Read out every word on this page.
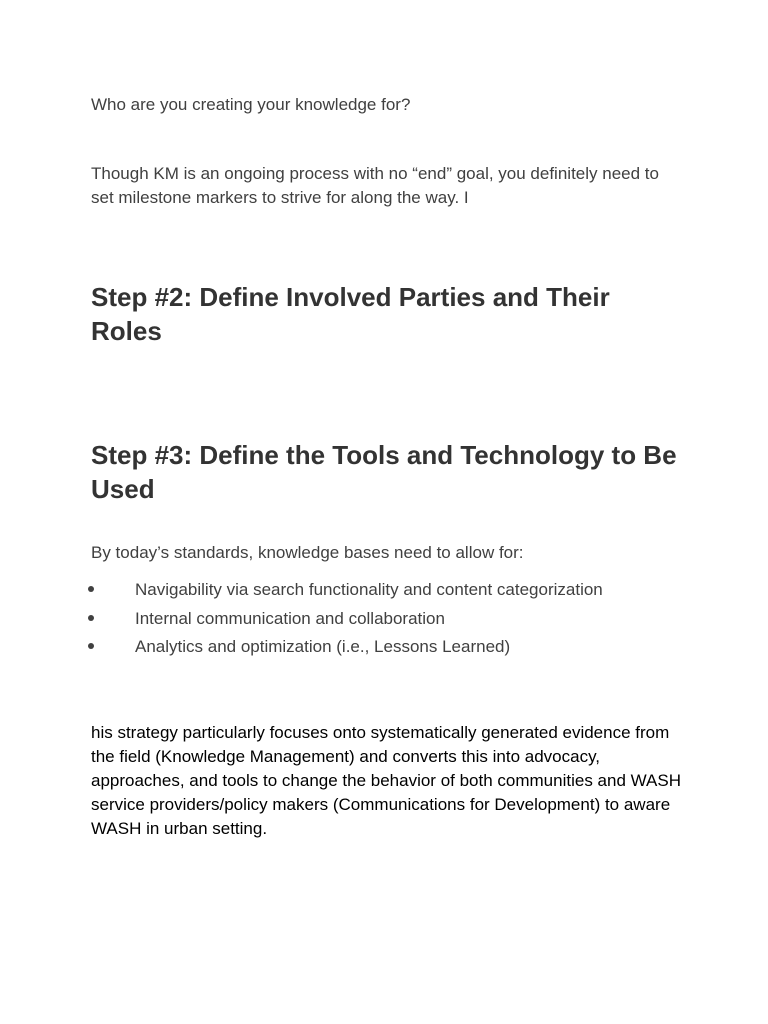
Who are you creating your knowledge for?

Though KM is an ongoing process with no “end” goal, you definitely need to set milestone markers to strive for along the way. I

Step #2: Define Involved Parties and Their Roles
Step #3: Define the Tools and Technology to Be Used

By today’s standards, knowledge bases need to allow for:

Navigability via search functionality and content categorization
Internal communication and collaboration
Analytics and optimization (i.e., Lessons Learned)

his strategy particularly focuses onto systematically generated evidence from the field (Knowledge Management) and converts this into advocacy, approaches, and tools to change the behavior of both communities and WASH service providers/policy makers (Communications for Development) to aware WASH in urban setting.
